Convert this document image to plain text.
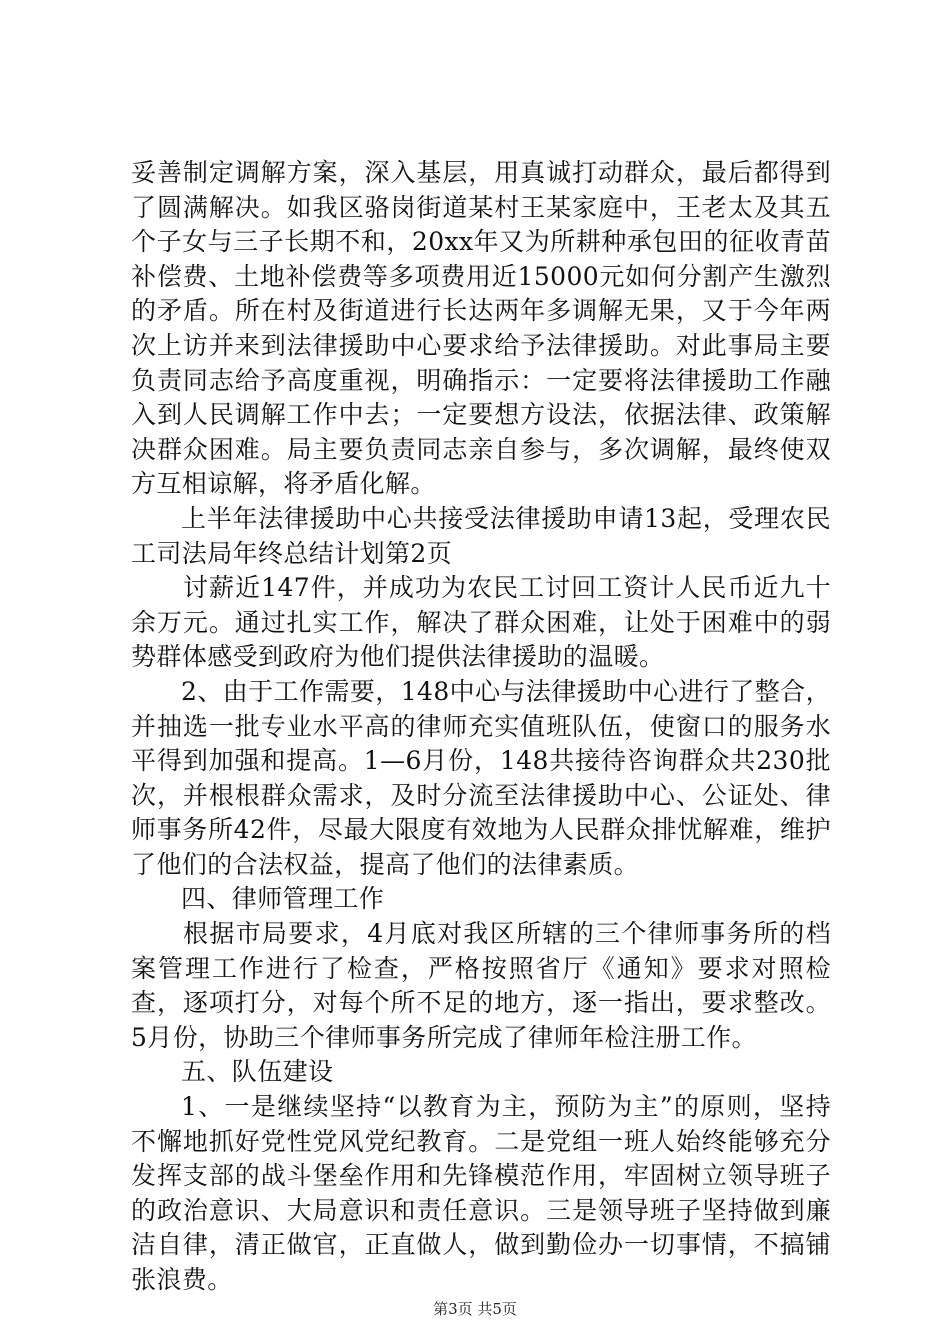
妥善制定调解方案，深入基层，用真诚打动群众，最后都得到了圆满解决。如我区骆岗街道某村王某家庭中，王老太及其五个子女与三子长期不和，20xx年又为所耕种承包田的征收青苗补偿费、土地补偿费等多项费用近15000元如何分割产生激烈的矛盾。所在村及街道进行长达两年多调解无果，又于今年两次上访并来到法律援助中心要求给予法律援助。对此事局主要负责同志给予高度重视，明确指示：一定要将法律援助工作融入到人民调解工作中去；一定要想方设法，依据法律、政策解决群众困难。局主要负责同志亲自参与，多次调解，最终使双方互相谅解，将矛盾化解。

上半年法律援助中心共接受法律援助申请13起，受理农民工司法局年终总结计划第2页

讨薪近147件，并成功为农民工讨回工资计人民币近九十余万元。通过扎实工作，解决了群众困难，让处于困难中的弱势群体感受到政府为他们提供法律援助的温暖。

2、由于工作需要，148中心与法律援助中心进行了整合，并抽选一批专业水平高的律师充实值班队伍，使窗口的服务水平得到加强和提高。1—6月份，148共接待咨询群众共230批次，并根根群众需求，及时分流至法律援助中心、公证处、律师事务所42件，尽最大限度有效地为人民群众排忧解难，维护了他们的合法权益，提高了他们的法律素质。

四、律师管理工作

根据市局要求，4月底对我区所辖的三个律师事务所的档案管理工作进行了检查，严格按照省厅《通知》要求对照检查，逐项打分，对每个所不足的地方，逐一指出，要求整改。5月份，协助三个律师事务所完成了律师年检注册工作。

五、队伍建设

1、一是继续坚持“以教育为主，预防为主”的原则，坚持不懈地抓好党性党风党纪教育。二是党组一班人始终能够充分发挥支部的战斗堡垒作用和先锋模范作用，牢固树立领导班子的政治意识、大局意识和责任意识。三是领导班子坚持做到廉洁自律，清正做官，正直做人，做到勤俭办一切事情，不搞铺张浪费。

第3页 共5页
